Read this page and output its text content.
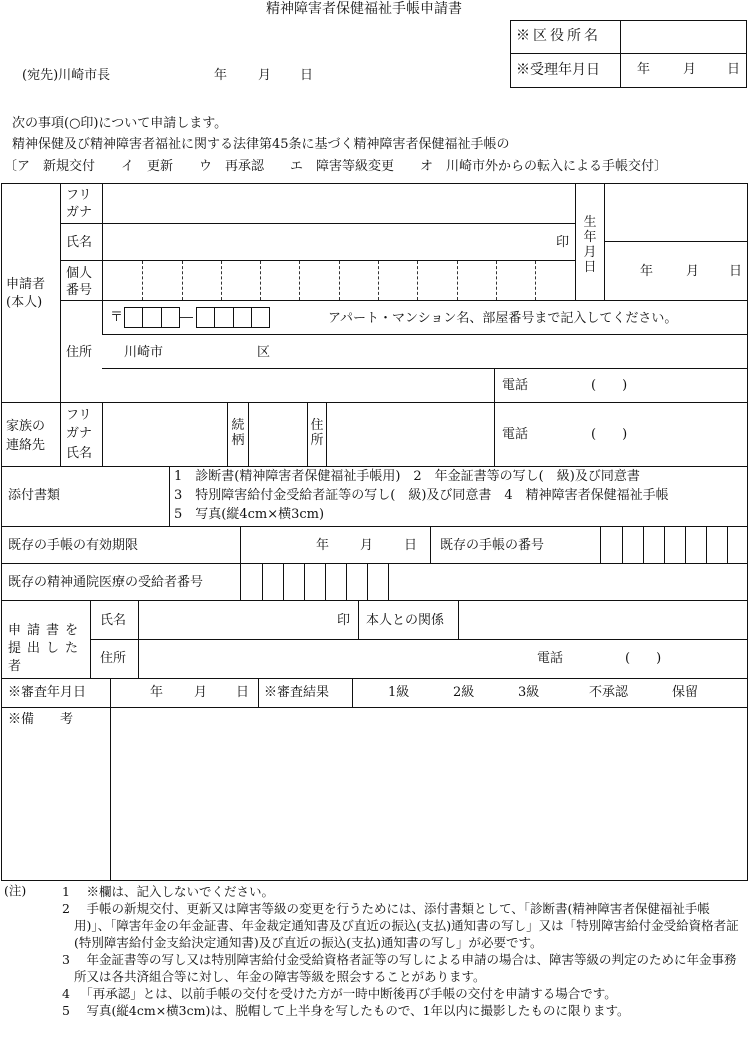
精神障害者保健福祉手帳申請書
※区役所名
※受理年月日	年	月 日
(宛先)川崎市長	年 月 日
次の事項(○印)について申請します。
精神保健及び精神障害者福祉に関する法律第45条に基づく精神障害者保健福祉手帳の
〔ア　新規交付　　イ　更新　　ウ　再承認　　エ　障害等級変更　　オ　川崎市外からの転入による手帳交付〕
申請者(本人)
フリガナ
氏名	印
個人番号
生年月日	年	月 日
〒	―	アパート・マンション名、部屋番号まで記入してください。
住所 川崎市	区
電話	(　　)
家族の連絡先
フリガナ
氏名
続柄
住所	電話	(　　)
添付書類
1　診断書(精神障害者保健福祉手帳用)　2　年金証書等の写し(　級)及び同意書
3　特別障害給付金受給者証等の写し(　級)及び同意書　4　精神障害者保健福祉手帳
5　写真(縦4cm×横3cm)
既存の手帳の有効期限	年 月 日 既存の手帳の番号
既存の精神通院医療の受給者番号
申請書を提出した者
氏名	印 本人との関係
住所	電話	(　　)
※審査年月日	年 月 日 ※審査結果	1級	2級	3級	不承認	保留
※備　　考
(注)	1　 ※欄は、記入しないでください。

2　 手帳の新規交付、更新又は障害等級の変更を行うためには、添付書類として、「診断書(精神障害者保健福祉手帳用)」、「障害年金の年金証書、年金裁定通知書及び直近の振込(支払)通知書の写し」又は「特別障害給付金受給資格者証(特別障害給付金支給決定通知書)及び直近の振込(支払)通知書の写し」が必要です。

3　 年金証書等の写し又は特別障害給付金受給資格者証等の写しによる申請の場合は、障害等級の判定のために年金事務所又は各共済組合等に対し、年金の障害等級を照会することがあります。

4　 「再承認」とは、以前手帳の交付を受けた方が一時中断後再び手帳の交付を申請する場合です。

5　 写真(縦4cm×横3cm)は、脱帽して上半身を写したもので、1年以内に撮影したものに限ります。
